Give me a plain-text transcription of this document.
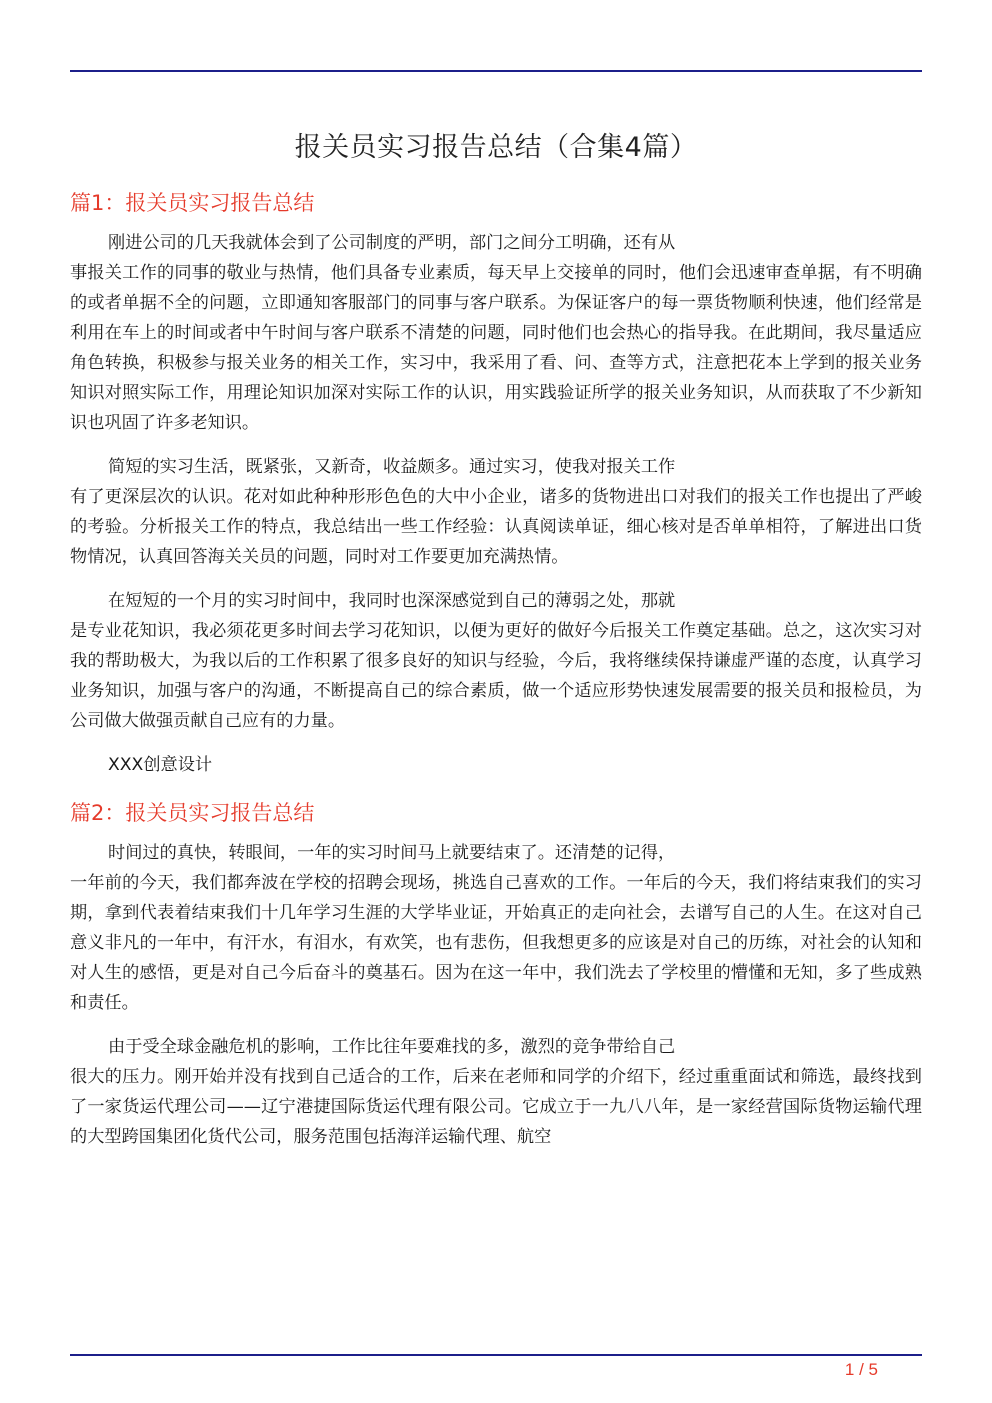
报关员实习报告总结（合集4篇）
篇1：报关员实习报告总结

刚进公司的几天我就体会到了公司制度的严明，部门之间分工明确，还有从
事报关工作的同事的敬业与热情，他们具备专业素质，每天早上交接单的同时，他们会迅速审查单据，有不明确的或者单据不全的问题，立即通知客服部门的同事与客户联系。为保证客户的每一票货物顺利快速，他们经常是利用在车上的时间或者中午时间与客户联系不清楚的问题，同时他们也会热心的指导我。在此期间，我尽量适应角色转换，积极参与报关业务的相关工作，实习中，我采用了看、问、查等方式，注意把花本上学到的报关业务知识对照实际工作，用理论知识加深对实际工作的认识，用实践验证所学的报关业务知识，从而获取了不少新知识也巩固了许多老知识。

简短的实习生活，既紧张，又新奇，收益颇多。通过实习，使我对报关工作
有了更深层次的认识。花对如此种种形形色色的大中小企业，诸多的货物进出口对我们的报关工作也提出了严峻的考验。分析报关工作的特点，我总结出一些工作经验：认真阅读单证，细心核对是否单单相符，了解进出口货物情况，认真回答海关关员的问题，同时对工作要更加充满热情。

在短短的一个月的实习时间中，我同时也深深感觉到自己的薄弱之处，那就
是专业花知识，我必须花更多时间去学习花知识，以便为更好的做好今后报关工作奠定基础。总之，这次实习对我的帮助极大，为我以后的工作积累了很多良好的知识与经验，今后，我将继续保持谦虚严谨的态度，认真学习业务知识，加强与客户的沟通，不断提高自己的综合素质，做一个适应形势快速发展需要的报关员和报检员，为公司做大做强贡献自己应有的力量。

XXX创意设计

篇2：报关员实习报告总结

时间过的真快，转眼间，一年的实习时间马上就要结束了。还清楚的记得，
一年前的今天，我们都奔波在学校的招聘会现场，挑选自己喜欢的工作。一年后的今天，我们将结束我们的实习期，拿到代表着结束我们十几年学习生涯的大学毕业证，开始真正的走向社会，去谱写自己的人生。在这对自己意义非凡的一年中，有汗水，有泪水，有欢笑，也有悲伤，但我想更多的应该是对自己的历练，对社会的认知和对人生的感悟，更是对自己今后奋斗的奠基石。因为在这一年中，我们洗去了学校里的懵懂和无知，多了些成熟和责任。

由于受全球金融危机的影响，工作比往年要难找的多，激烈的竞争带给自己
很大的压力。刚开始并没有找到自己适合的工作，后来在老师和同学的介绍下，经过重重面试和筛选，最终找到了一家货运代理公司——辽宁港捷国际货运代理有限公司。它成立于一九八八年，是一家经营国际货物运输代理的大型跨国集团化货代公司，服务范围包括海洋运输代理、航空

1 / 5
